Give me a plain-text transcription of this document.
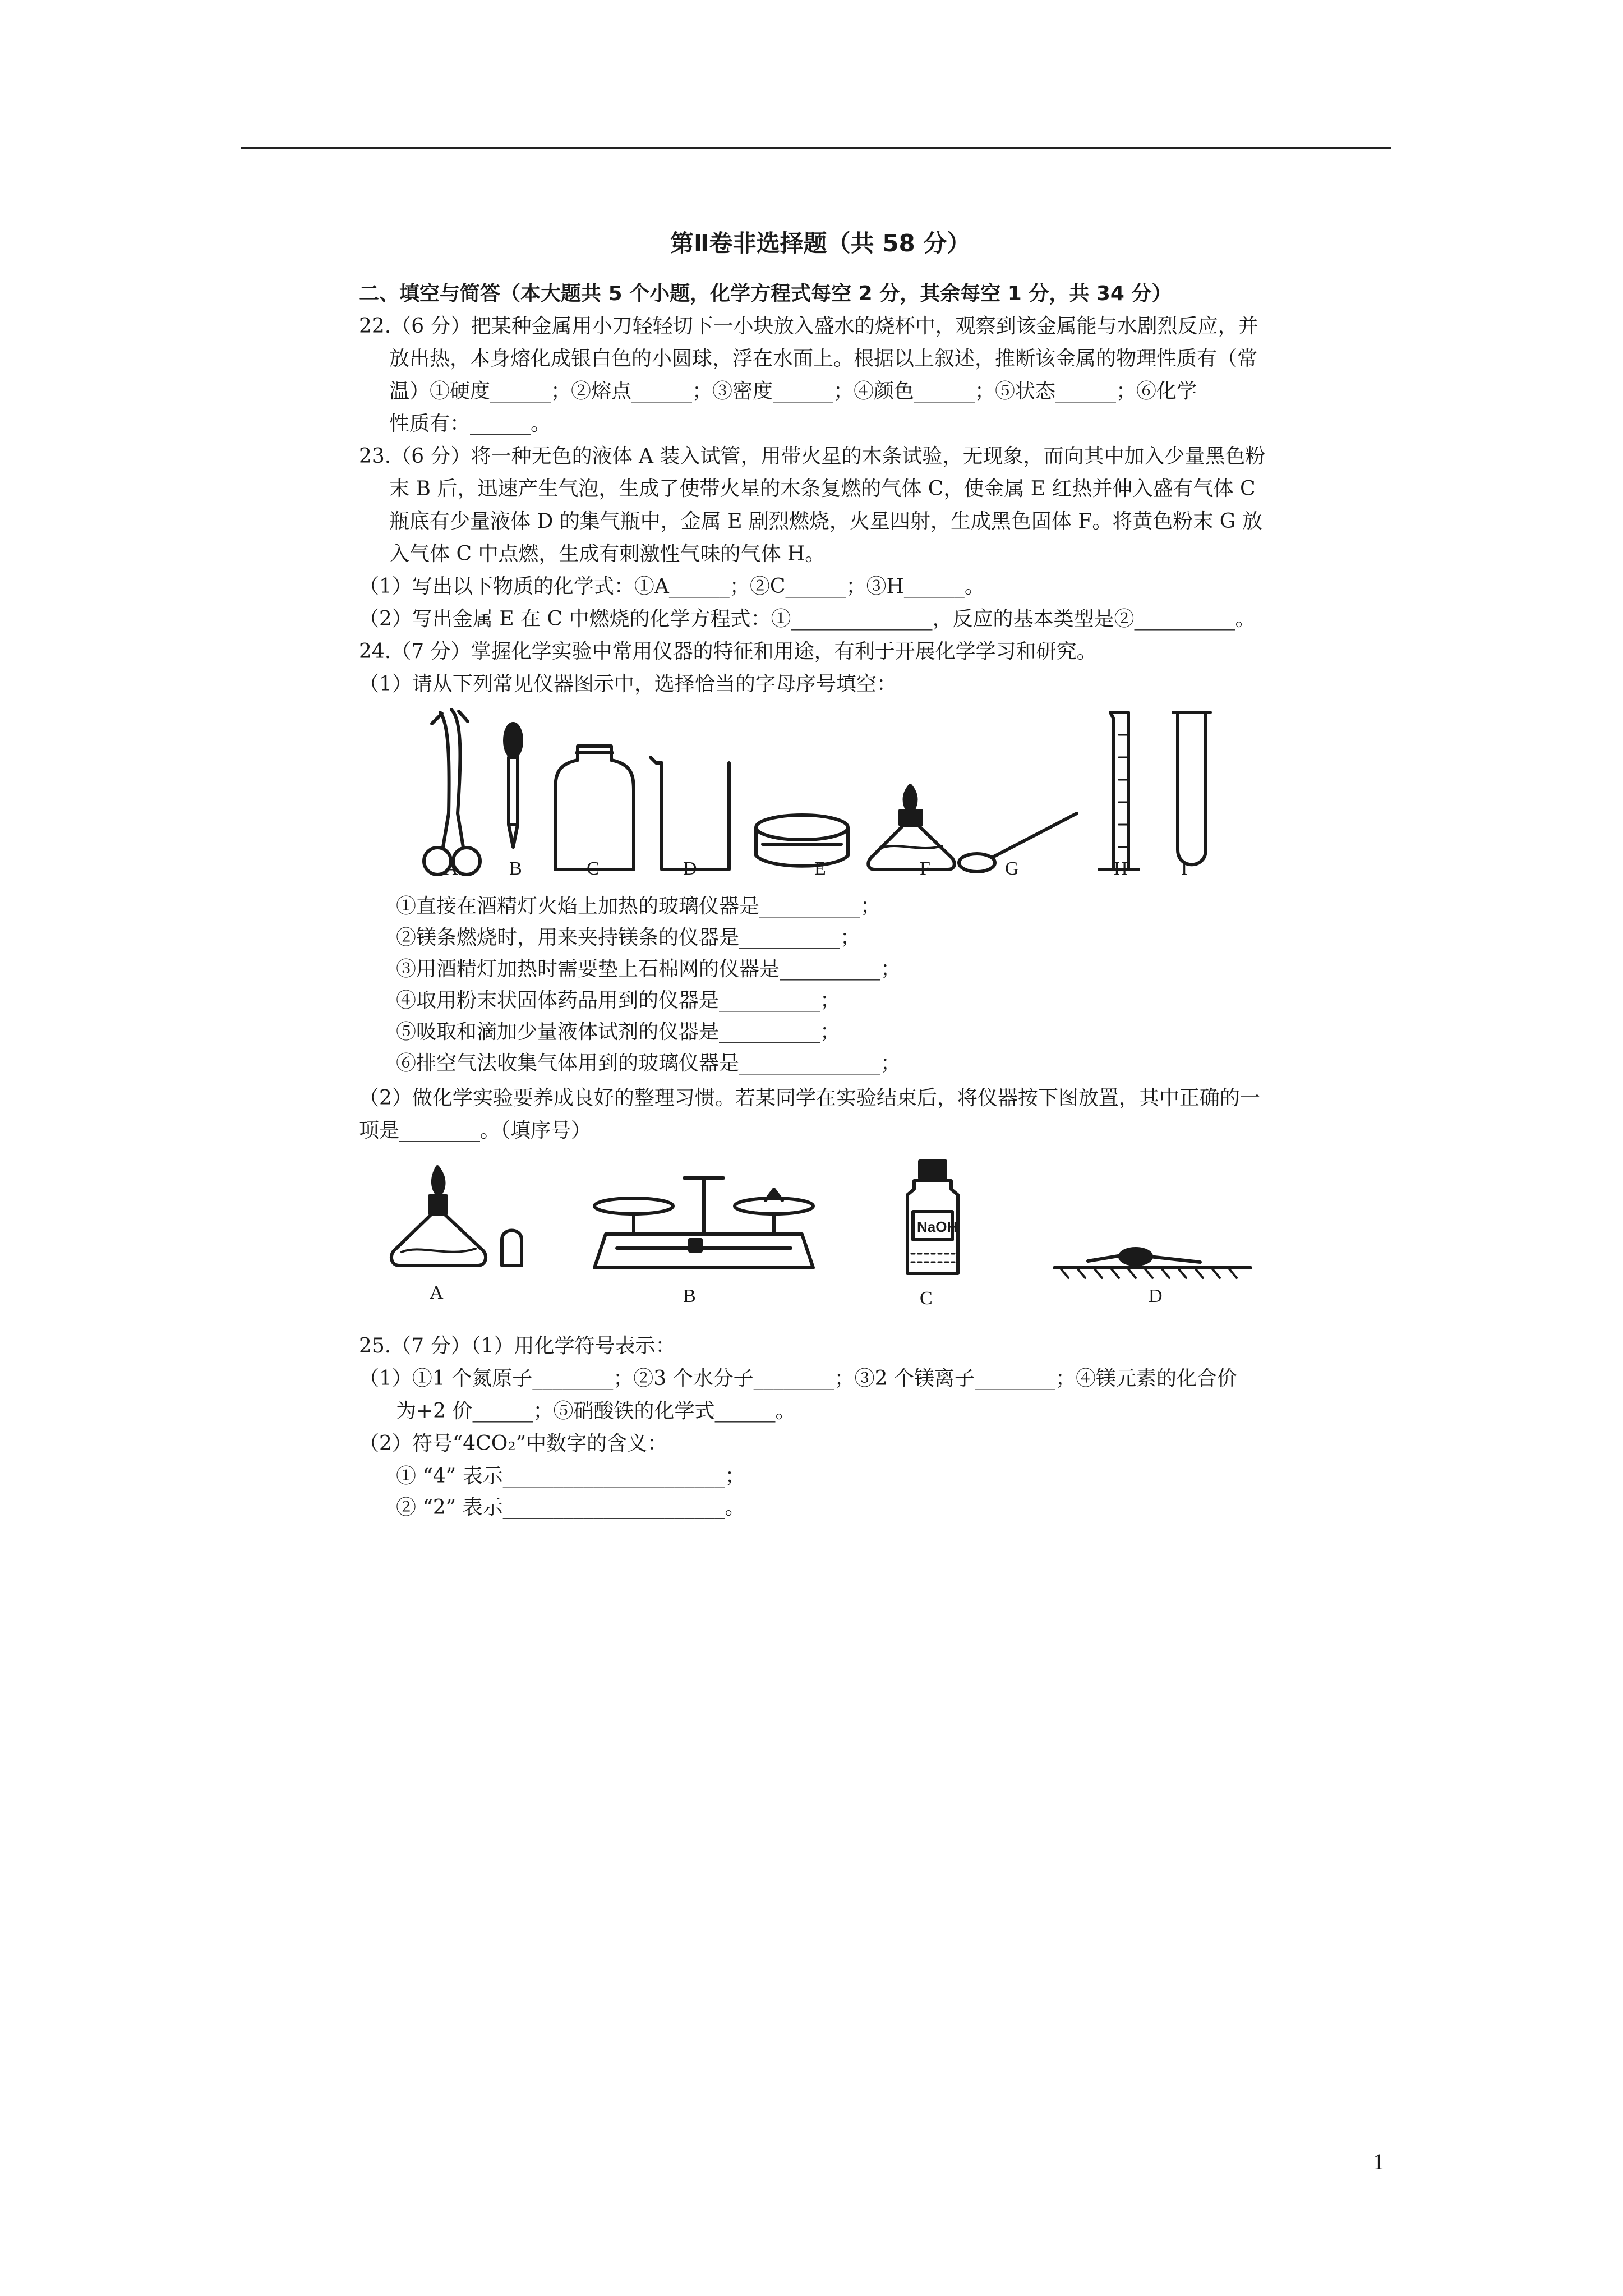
第Ⅱ卷非选择题（共 58 分）
二、填空与简答（本大题共 5 个小题，化学方程式每空 2 分，其余每空 1 分，共 34 分）
22.（6 分）把某种金属用小刀轻轻切下一小块放入盛水的烧杯中，观察到该金属能与水剧烈反应，并
放出热，本身熔化成银白色的小圆球，浮在水面上。根据以上叙述，推断该金属的物理性质有（常
温）①硬度______；②熔点______；③密度______；④颜色______；⑤状态______；⑥化学
性质有：______。
23.（6 分）将一种无色的液体 A 装入试管，用带火星的木条试验，无现象，而向其中加入少量黑色粉
末 B 后，迅速产生气泡，生成了使带火星的木条复燃的气体 C，使金属 E 红热并伸入盛有气体 C
瓶底有少量液体 D 的集气瓶中，金属 E 剧烈燃烧，火星四射，生成黑色固体 F。将黄色粉末 G 放
入气体 C 中点燃，生成有刺激性气味的气体 H。
（1）写出以下物质的化学式：①A______；②C______；③H______。
（2）写出金属 E 在 C 中燃烧的化学方程式：①______________，反应的基本类型是②__________。
24.（7 分）掌握化学实验中常用仪器的特征和用途，有利于开展化学学习和研究。
（1）请从下列常见仪器图示中，选择恰当的字母序号填空：
A	B	C	D	E	F	G	H	I
①直接在酒精灯火焰上加热的玻璃仪器是__________；
②镁条燃烧时，用来夹持镁条的仪器是__________；
③用酒精灯加热时需要垫上石棉网的仪器是__________；
④取用粉末状固体药品用到的仪器是__________；
⑤吸取和滴加少量液体试剂的仪器是__________；
⑥排空气法收集气体用到的玻璃仪器是______________；
（2）做化学实验要养成良好的整理习惯。若某同学在实验结束后，将仪器按下图放置，其中正确的一
项是________。（填序号）
NaOH
A	B	C	D
25.（7 分）（1）用化学符号表示：
（1）①1 个氮原子________；②3 个水分子________；③2 个镁离子________；④镁元素的化合价
为+2 价______；⑤硝酸铁的化学式______。
（2）符号“4CO₂”中数字的含义：
① “4” 表示______________________；
② “2” 表示______________________。
1
